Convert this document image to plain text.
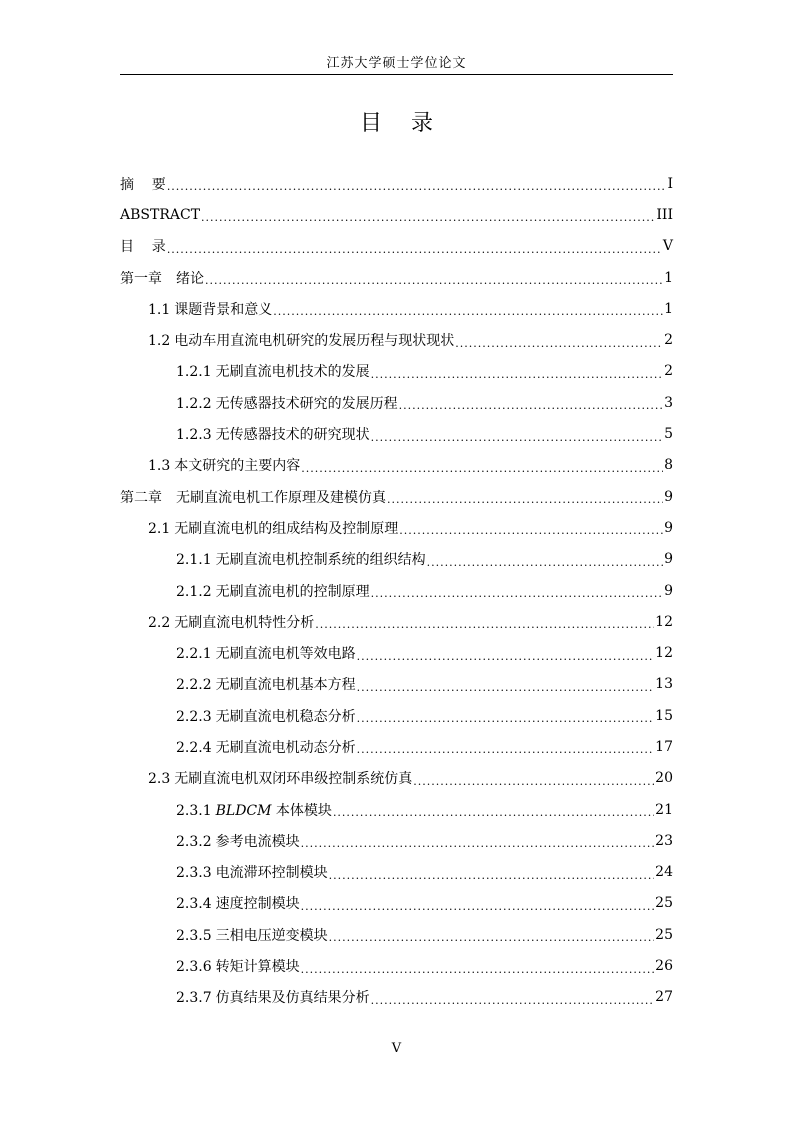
江苏大学硕士学位论文
目 录
摘    要 .....	I
ABSTRACT .....	III
目    录 .....	V
第一章 绪论 .....	1
1.1 课题背景和意义 .....	1
1.2 电动车用直流电机研究的发展历程与现状现状 .....	2
1.2.1 无刷直流电机技术的发展 .....	2
1.2.2 无传感器技术研究的发展历程 .....	3
1.2.3 无传感器技术的研究现状 .....	5
1.3 本文研究的主要内容 .....	8
第二章 无刷直流电机工作原理及建模仿真 .....	9
2.1 无刷直流电机的组成结构及控制原理 .....	9
2.1.1 无刷直流电机控制系统的组织结构 .....	9
2.1.2 无刷直流电机的控制原理 .....	9
2.2 无刷直流电机特性分析 .....	12
2.2.1 无刷直流电机等效电路 .....	12
2.2.2 无刷直流电机基本方程 .....	13
2.2.3 无刷直流电机稳态分析 .....	15
2.2.4 无刷直流电机动态分析 .....	17
2.3 无刷直流电机双闭环串级控制系统仿真 .....	20
2.3.1 BLDCM 本体模块 .....	21
2.3.2 参考电流模块 .....	23
2.3.3 电流滞环控制模块 .....	24
2.3.4 速度控制模块 .....	25
2.3.5 三相电压逆变模块 .....	25
2.3.6 转矩计算模块 .....	26
2.3.7 仿真结果及仿真结果分析 .....	27
V
